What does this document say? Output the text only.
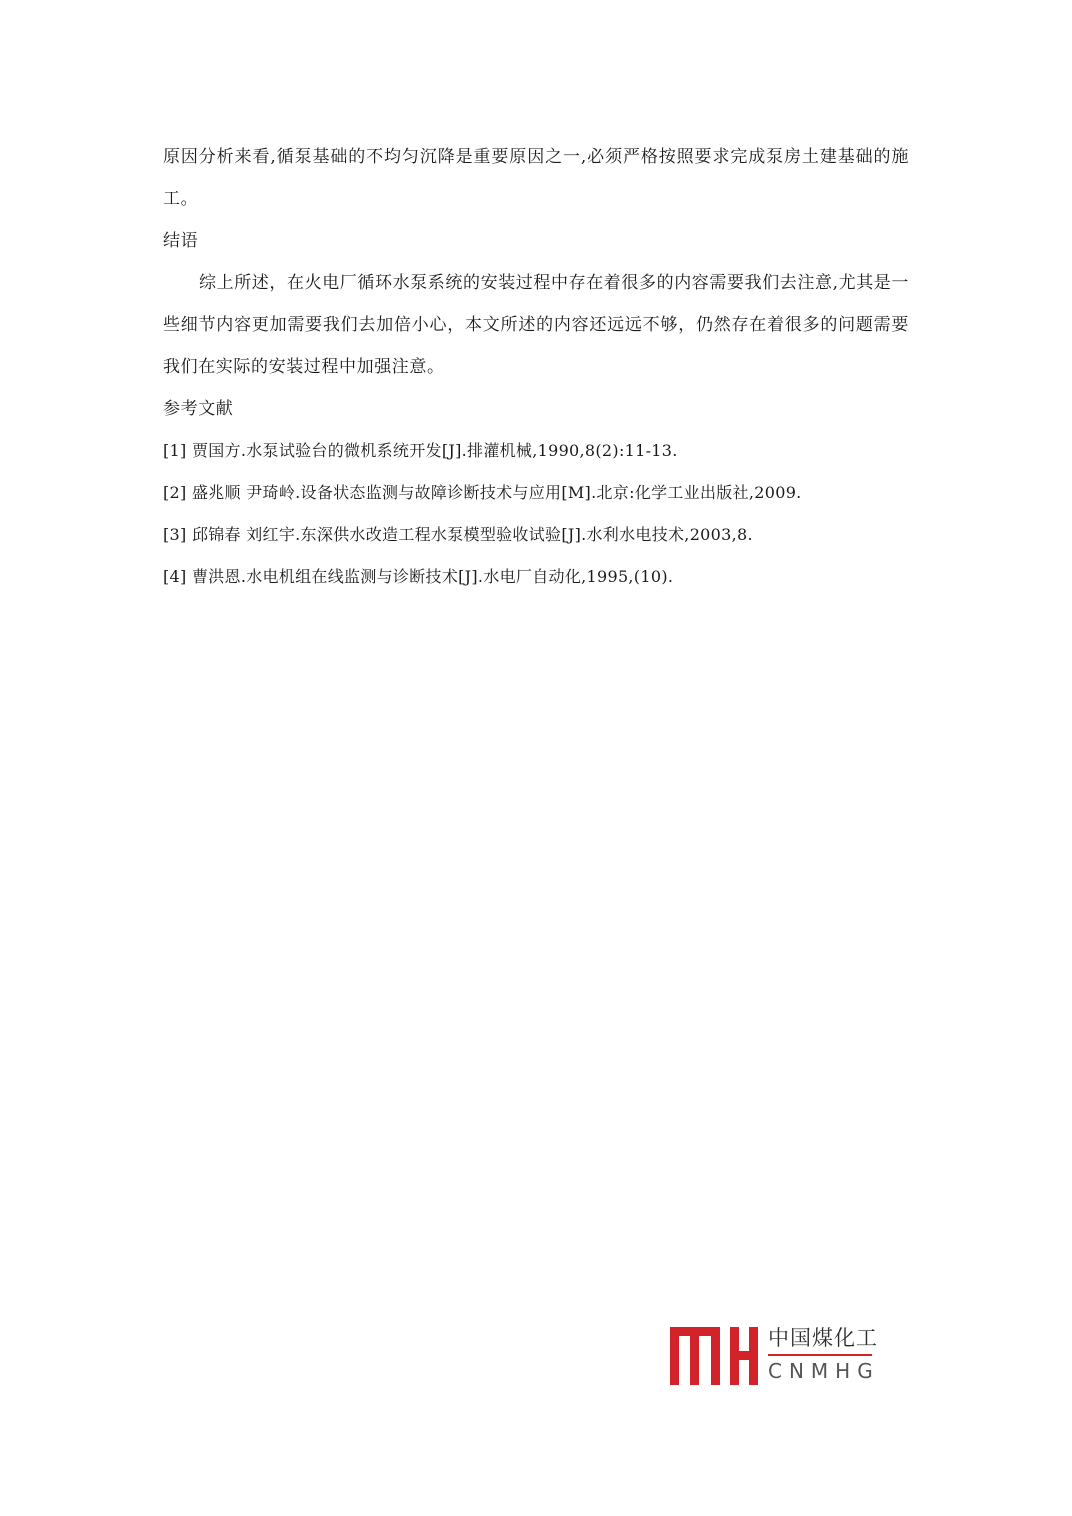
原因分析来看,循泵基础的不均匀沉降是重要原因之一,必须严格按照要求完成泵房土建基础的施工。

结语

综上所述，在火电厂循环水泵系统的安装过程中存在着很多的内容需要我们去注意,尤其是一些细节内容更加需要我们去加倍小心，本文所述的内容还远远不够，仍然存在着很多的问题需要我们在实际的安装过程中加强注意。

参考文献

[1] 贾国方.水泵试验台的微机系统开发[J].排灌机械,1990,8(2):11-13.
[2] 盛兆顺 尹琦岭.设备状态监测与故障诊断技术与应用[M].北京:化学工业出版社,2009.
[3] 邱锦春 刘红宇.东深供水改造工程水泵模型验收试验[J].水利水电技术,2003,8.
[4] 曹洪恩.水电机组在线监测与诊断技术[J].水电厂自动化,1995,(10).
中国煤化工
CNMHG
